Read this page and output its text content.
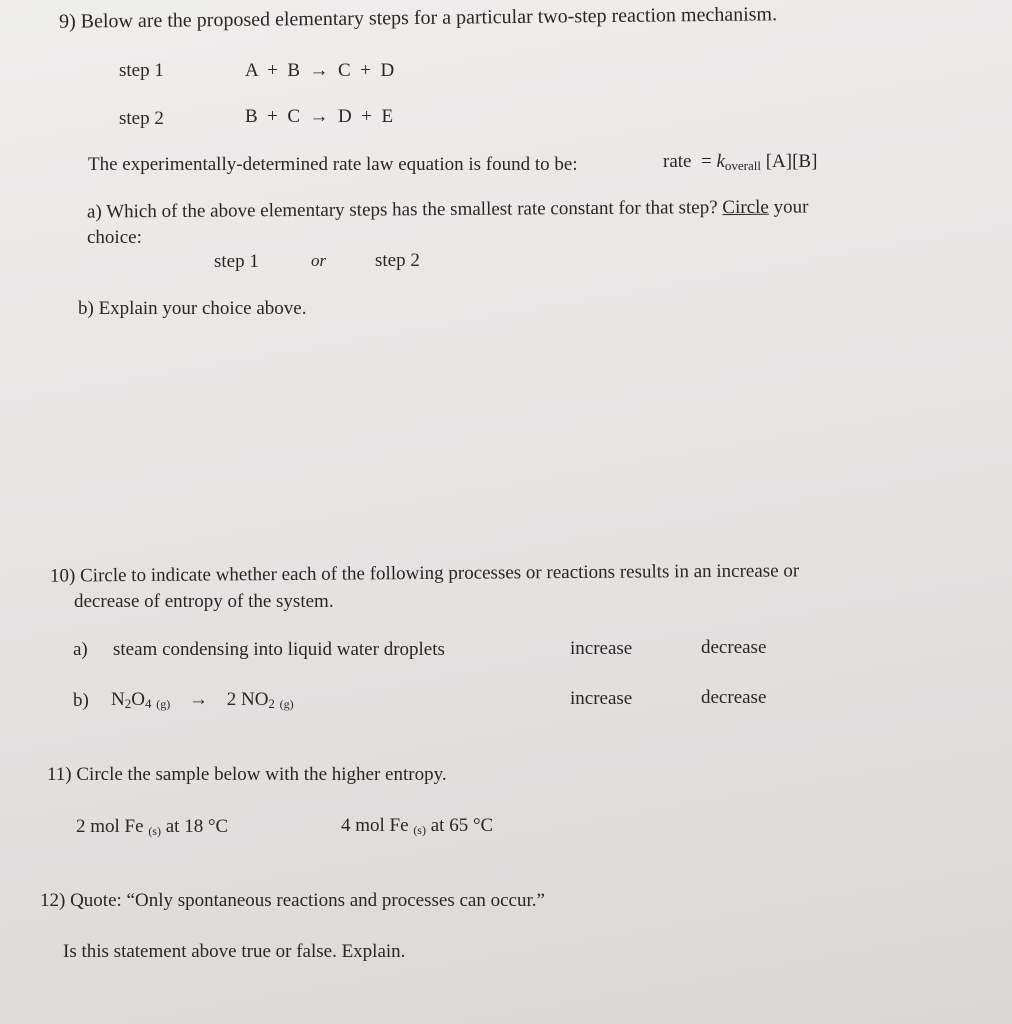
9) Below are the proposed elementary steps for a particular two-step reaction mechanism.
step 1	A  +  B  →  C  +  D
step 2	B  +  C  →  D  +  E
The experimentally-determined rate law equation is found to be:	rate  = $k_{overall}$ [A][B]
a) Which of the above elementary steps has the smallest rate constant for that step? Circle your
choice:
step 1	or	step 2
b) Explain your choice above.
10) Circle to indicate whether each of the following processes or reactions results in an increase or
decrease of entropy of the system.
a) steam condensing into liquid water droplets	increase	decrease
b) $N_2O_4$ (g) → 2 $NO_2$ (g)	increase	decrease
11) Circle the sample below with the higher entropy.
2 mol Fe (s) at 18 °C	4 mol Fe (s) at 65 °C
12) Quote: “Only spontaneous reactions and processes can occur.”
Is this statement above true or false. Explain.
